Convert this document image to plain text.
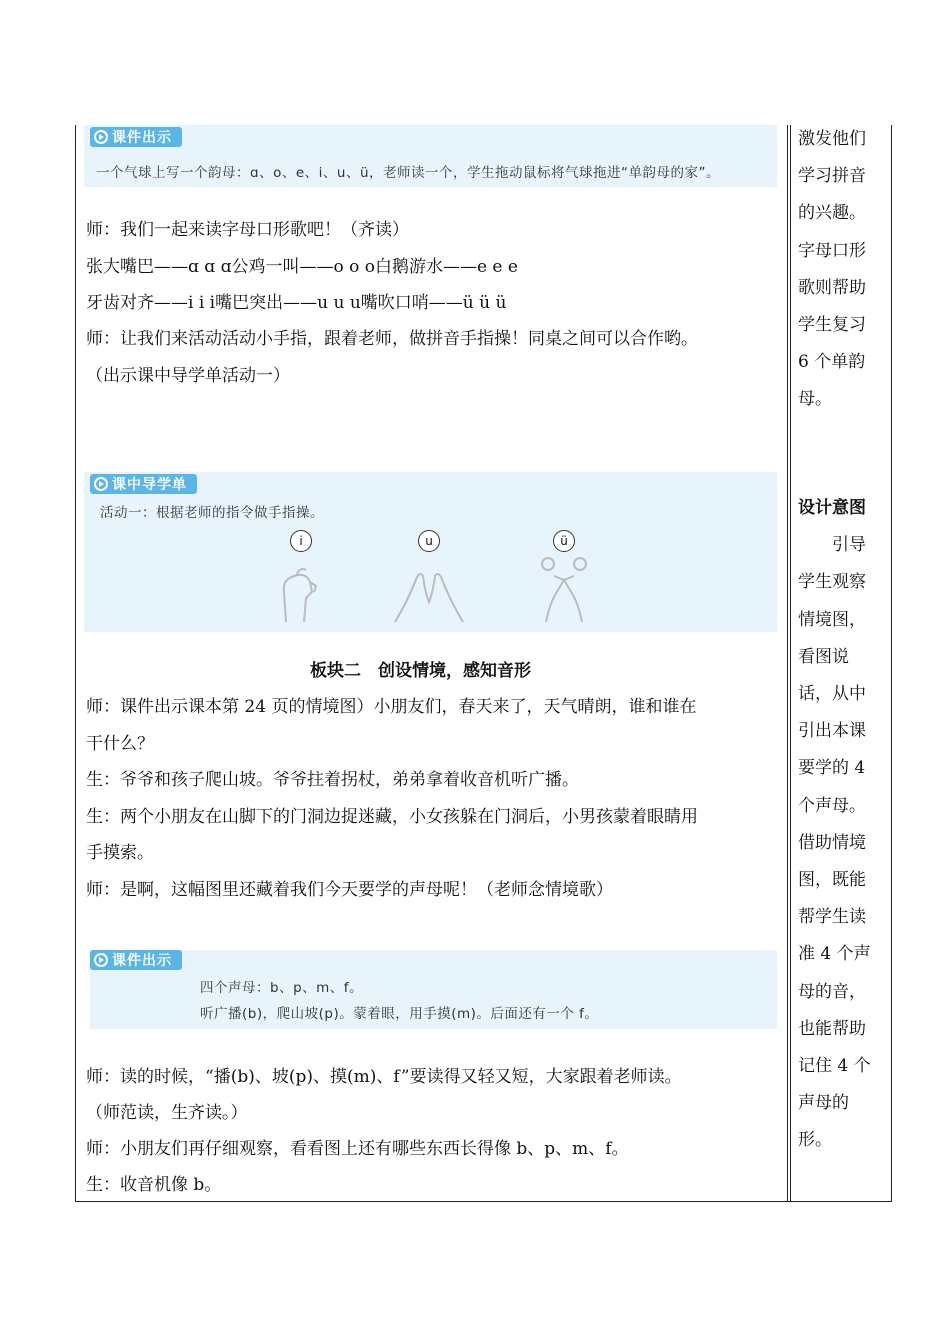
课件出示
一个气球上写一个韵母：ɑ、o、e、i、u、ü，老师读一个，学生拖动鼠标将气球拖进“单韵母的家”。
师：我们一起来读字母口形歌吧！（齐读）
张大嘴巴——ɑ ɑ ɑ公鸡一叫——o o o白鹅游水——e e e
牙齿对齐——i i i嘴巴突出——u u u嘴吹口哨——ü ü ü
师：让我们来活动活动小手指，跟着老师，做拼音手指操！同桌之间可以合作哟。
（出示课中导学单活动一）
课中导学单
活动一：根据老师的指令做手指操。
i	u	ü
板块二　创设情境，感知音形
师：课件出示课本第 24 页的情境图）小朋友们，春天来了，天气晴朗，谁和谁在
干什么？
生：爷爷和孩子爬山坡。爷爷拄着拐杖，弟弟拿着收音机听广播。
生：两个小朋友在山脚下的门洞边捉迷藏，小女孩躲在门洞后，小男孩蒙着眼睛用
手摸索。
师：是啊，这幅图里还藏着我们今天要学的声母呢！（老师念情境歌）
课件出示
四个声母：b、p、m、f。
听广播(b)，爬山坡(p)。蒙着眼，用手摸(m)。后面还有一个 f。
师：读的时候，“播(b)、坡(p)、摸(m)、f”要读得又轻又短，大家跟着老师读。
（师范读，生齐读。）
师：小朋友们再仔细观察，看看图上还有哪些东西长得像 b、p、m、f。
生：收音机像 b。
激发他们
学习拼音
的兴趣。
字母口形
歌则帮助
学生复习
6 个单韵
母。
设计意图
　　引导
学生观察
情境图，
看图说
话，从中
引出本课
要学的 4
个声母。
借助情境
图，既能
帮学生读
准 4 个声
母的音，
也能帮助
记住 4 个
声母的
形。
